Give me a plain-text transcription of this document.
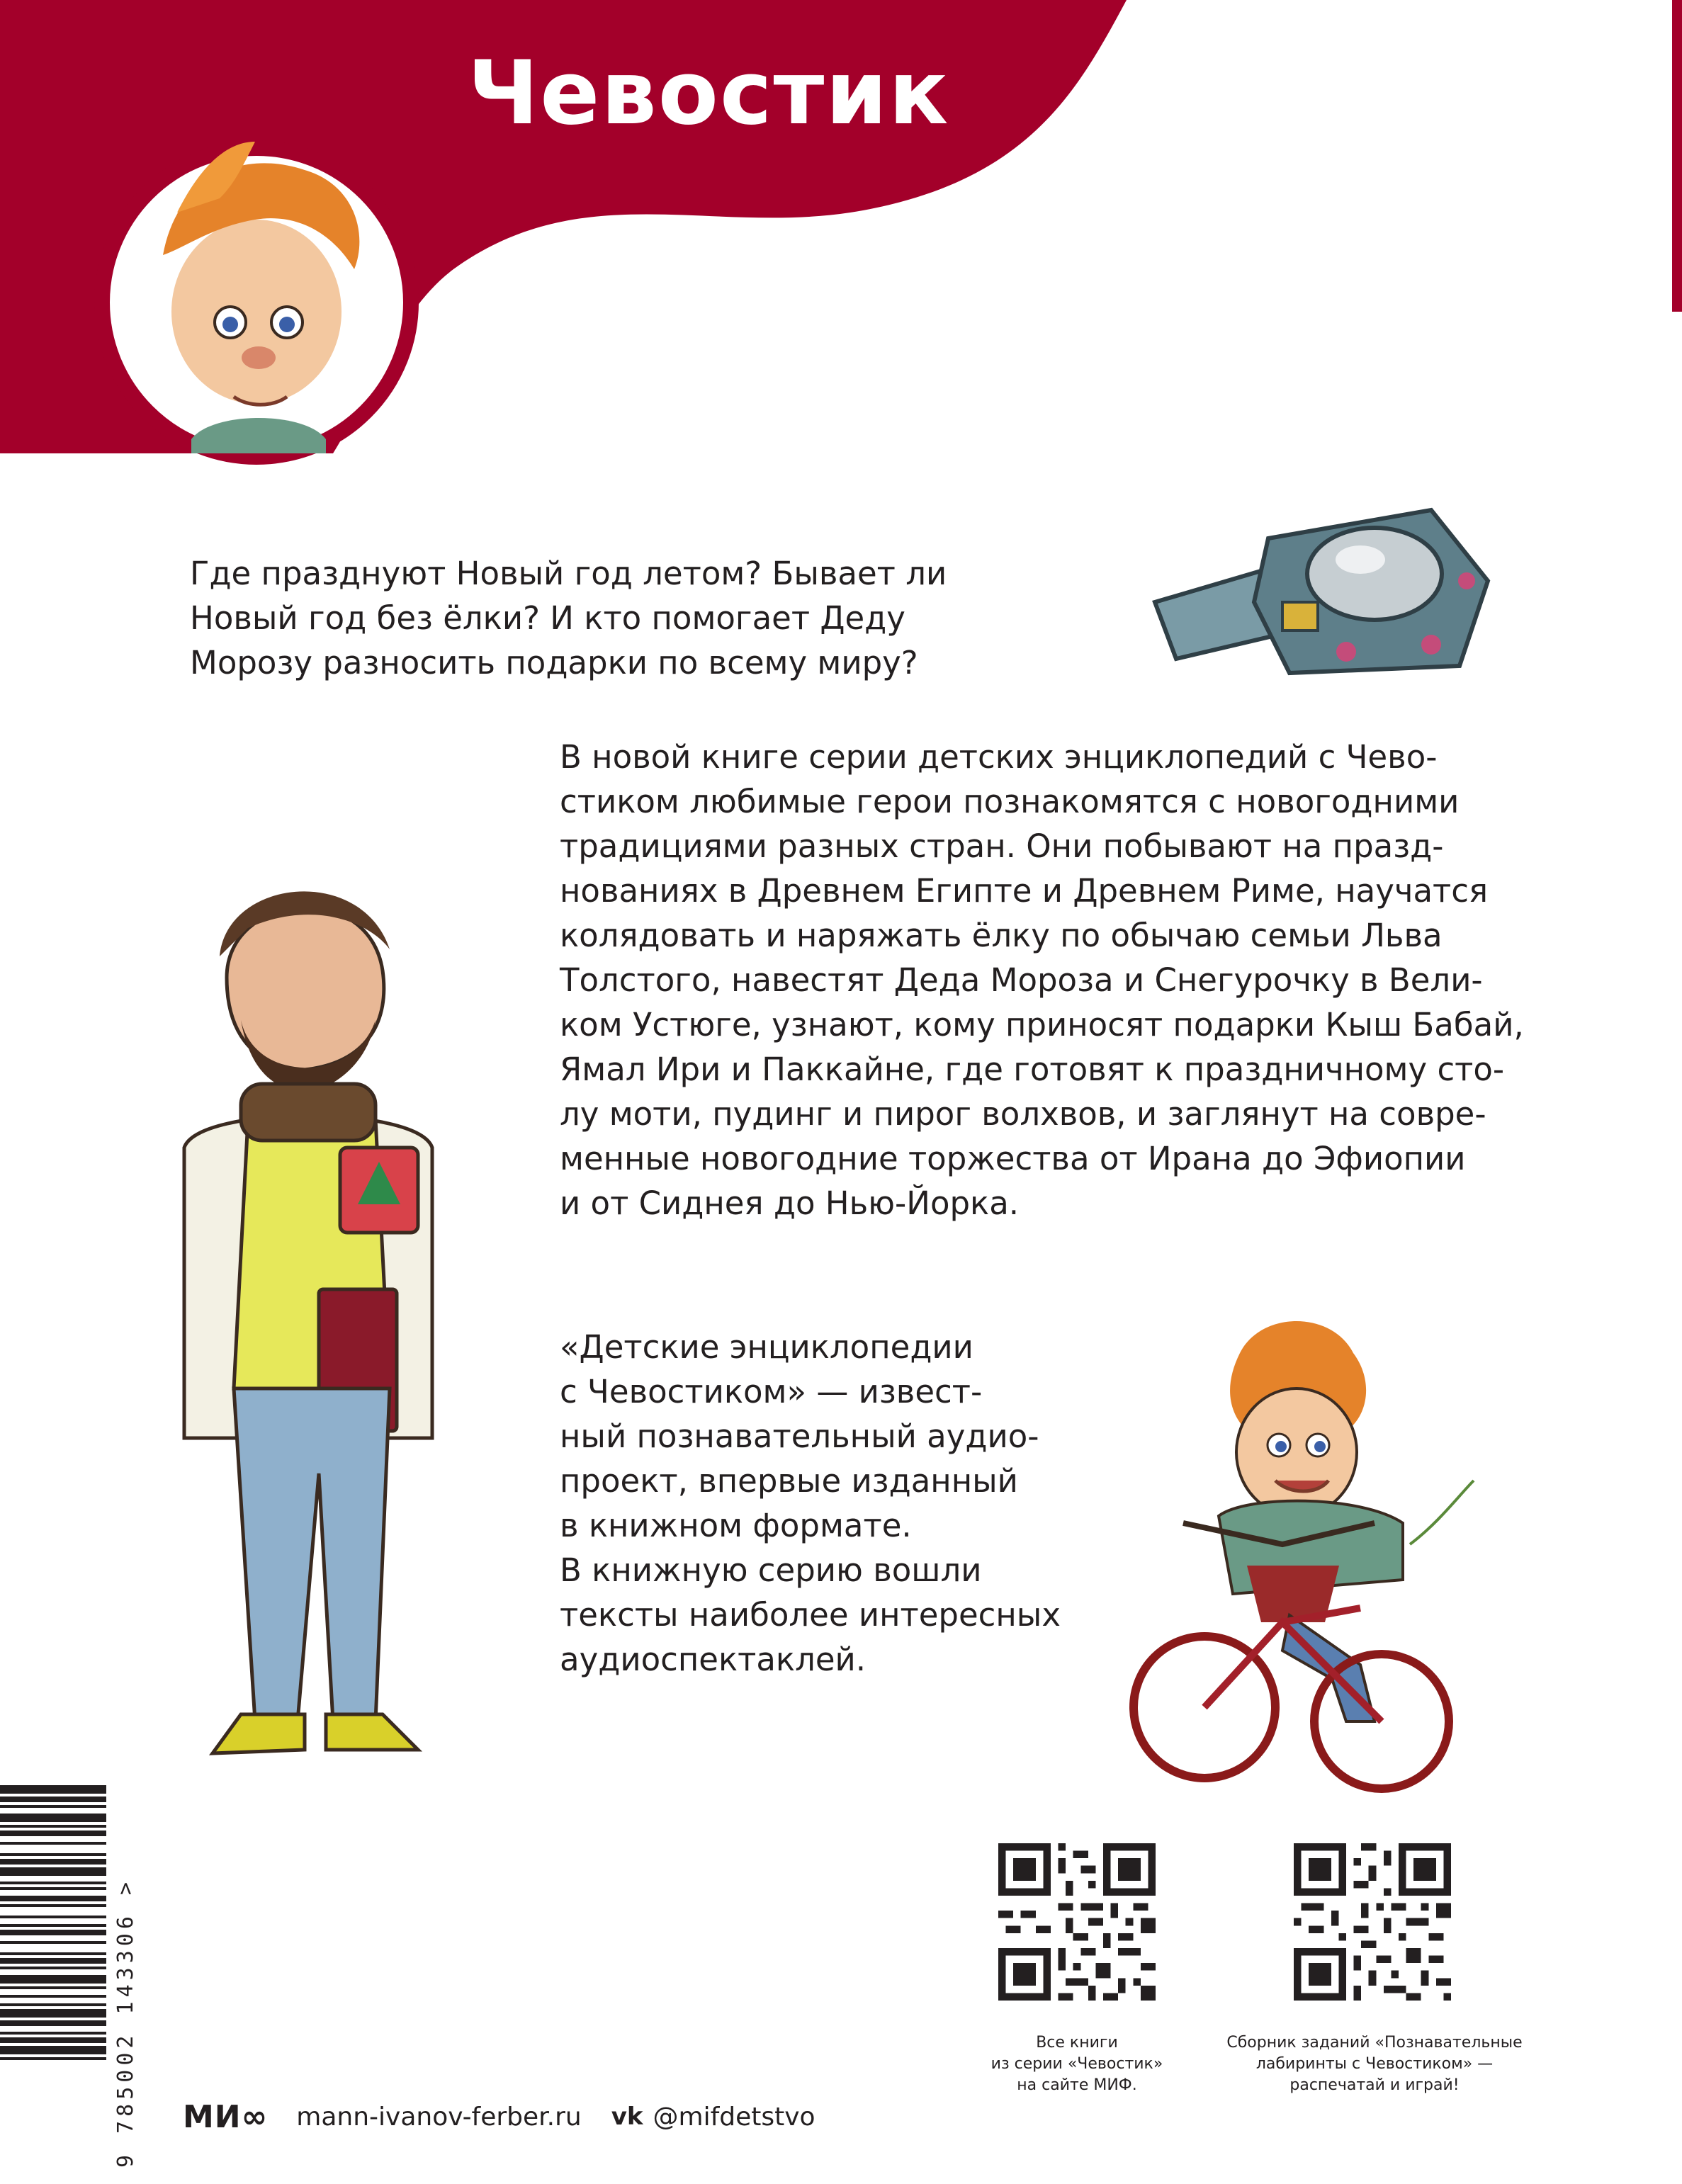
Чевостик
Где празднуют Новый год летом? Бывает ли
Новый год без ёлки? И кто помогает Деду
Морозу разносить подарки по всему миру?
В новой книге серии детских энциклопедий с Чево-
стиком любимые герои познакомятся с новогодними
традициями разных стран. Они побывают на празд-
нованиях в Древнем Египте и Древнем Риме, научатся
колядовать и наряжать ёлку по обычаю семьи Льва
Толстого, навестят Деда Мороза и Снегурочку в Вели-
ком Устюге, узнают, кому приносят подарки Кыш Бабай,
Ямал Ири и Паккайне, где готовят к праздничному сто-
лу моти, пудинг и пирог волхвов, и заглянут на совре-
менные новогодние торжества от Ирана до Эфиопии
и от Сиднея до Нью-Йорка.
«Детские энциклопедии
с Чевостиком» — извест-
ный познавательный аудио-
проект, впервые изданный
в книжном формате.
В книжную серию вошли
тексты наиболее интересных
аудиоспектаклей.
Все книги
из серии «Чевостик»
на сайте МИФ.
Сборник заданий «Познавательные
лабиринты с Чевостиком» —
распечатай и играй!
МИ∞ mann-ivanov-ferber.ru vk @mifdetstvo
9 785002 143306 >
